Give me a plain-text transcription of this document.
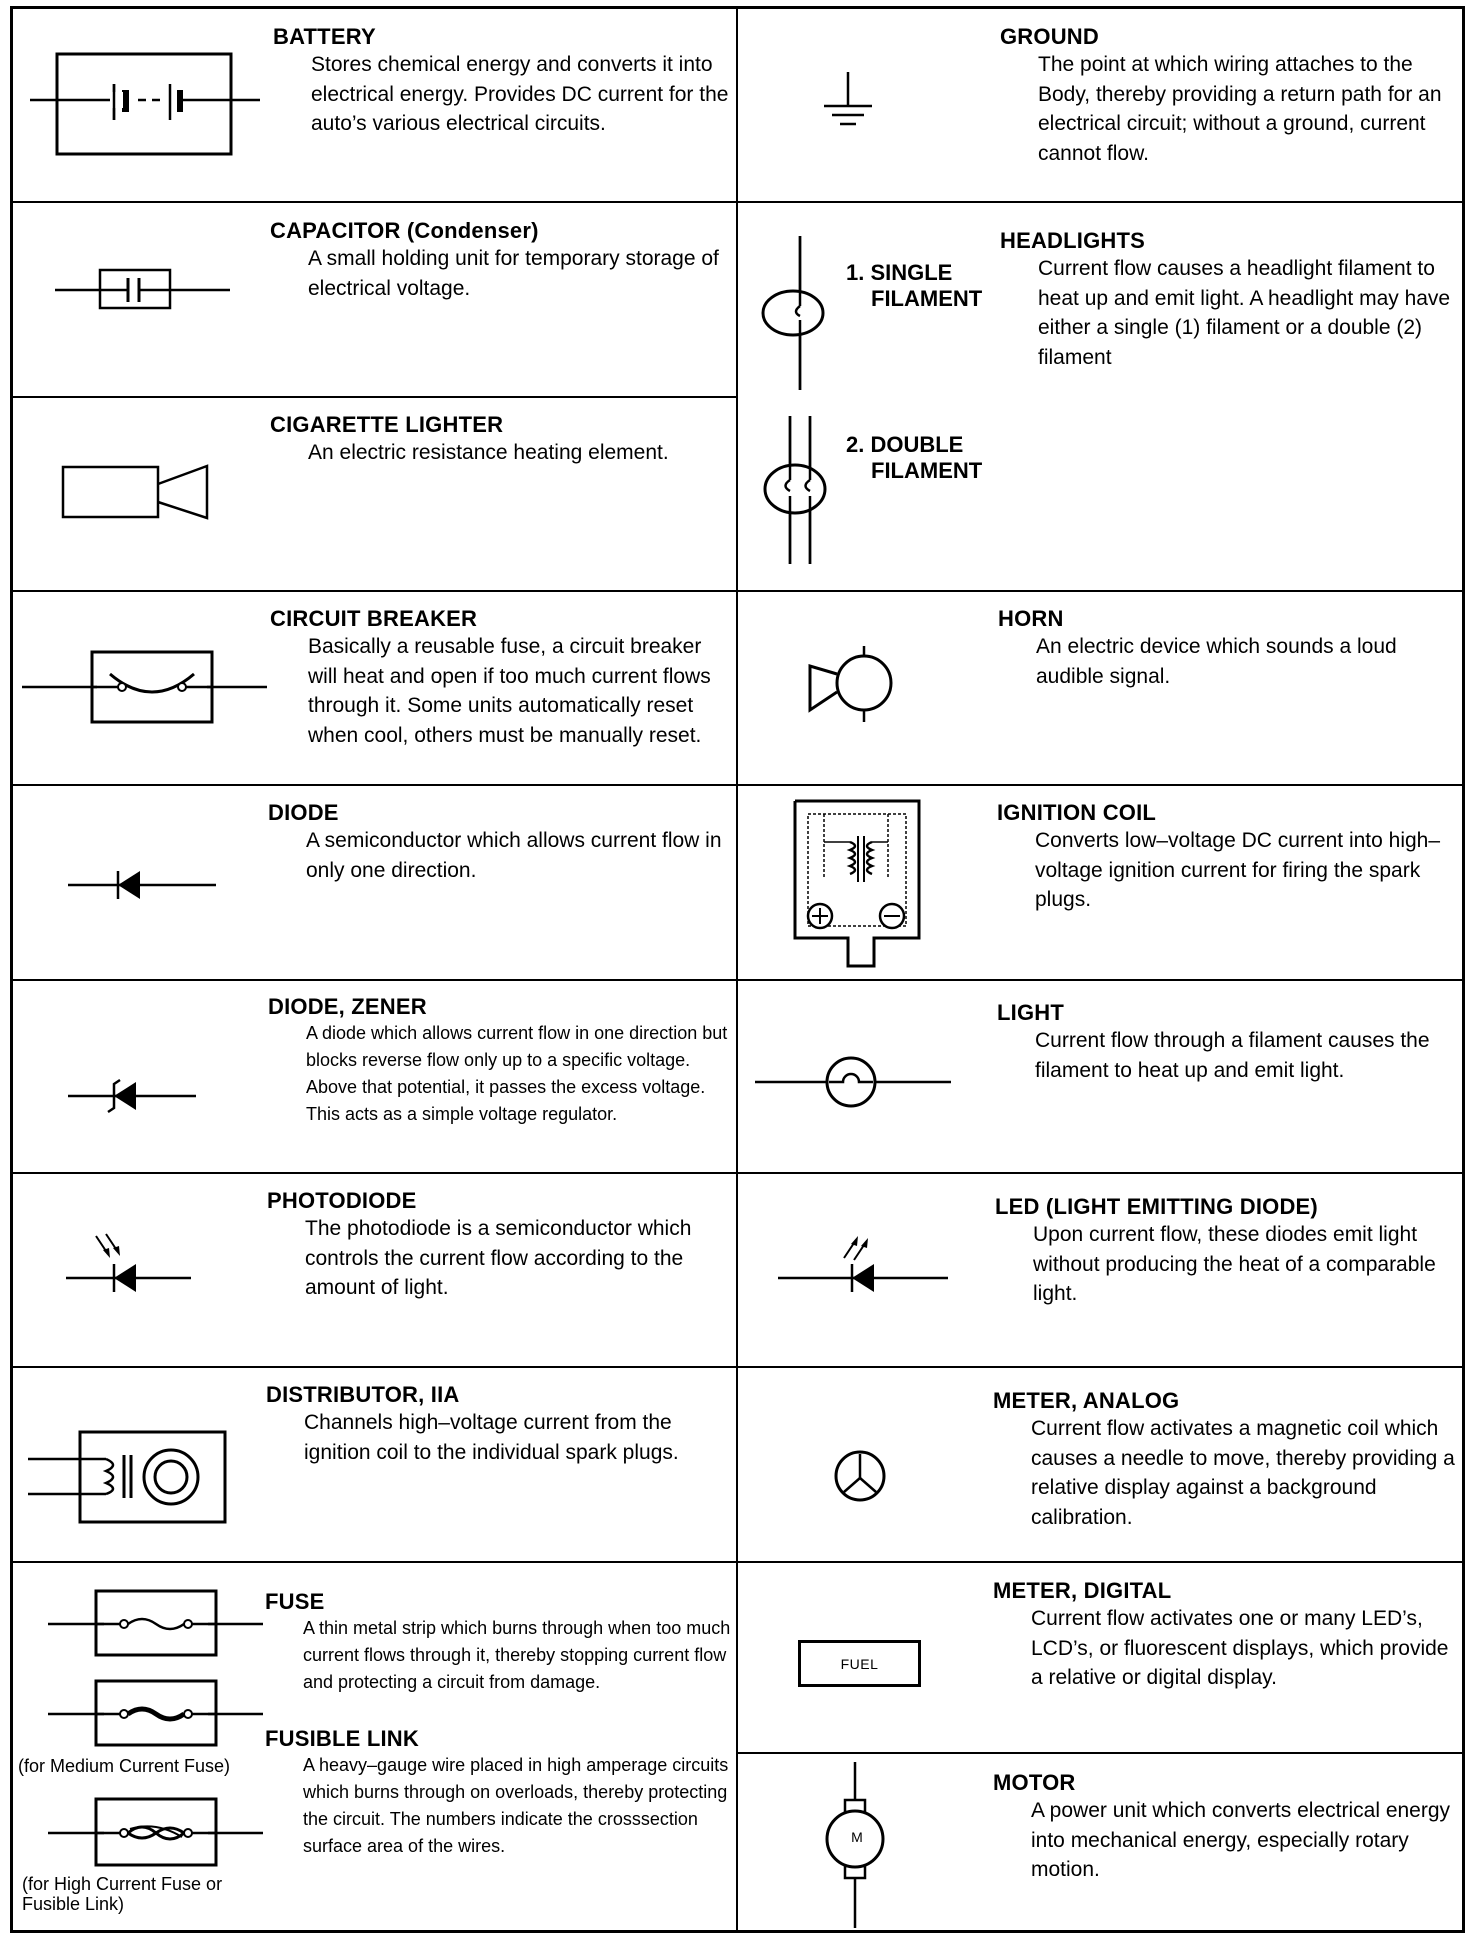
BATTERY
Stores chemical energy and converts it into electrical energy. Provides DC current for the auto’s various electrical circuits.
CAPACITOR (Condenser)
A small holding unit for temporary storage of electrical voltage.
CIGARETTE LIGHTER
An electric resistance heating element.
CIRCUIT BREAKER
Basically a reusable fuse, a circuit breaker will heat and open if too much current flows through it. Some units automatically reset when cool, others must be manually reset.
DIODE
A semiconductor which allows current flow in only one direction.
DIODE, ZENER
A diode which allows current flow in one direction but blocks reverse flow only up to a specific voltage. Above that potential, it passes the excess voltage. This acts as a simple voltage regulator.
PHOTODIODE
The photodiode is a semiconductor which controls the current flow according to the amount of light.
DISTRIBUTOR, IIA
Channels high–voltage current from the ignition coil to the individual spark plugs.
(for Medium Current Fuse)
(for High Current Fuse or Fusible Link)
FUSE
A thin metal strip which burns through when too much current flows through it, thereby stopping current flow and protecting a circuit from damage.
FUSIBLE LINK
A heavy–gauge wire placed in high amperage circuits which burns through on overloads, thereby protecting the circuit. The numbers indicate the crosssection surface area of the wires.
GROUND
The point at which wiring attaches to the Body, thereby providing a return path for an electrical circuit; without a ground, current cannot flow.
1. SINGLE
FILAMENT
2. DOUBLE
FILAMENT
HEADLIGHTS
Current flow causes a headlight filament to heat up and emit light. A headlight may have either a single (1) filament or a double (2) filament
HORN
An electric device which sounds a loud audible signal.
IGNITION COIL
Converts low–voltage DC current into high–voltage ignition current for firing the spark plugs.
LIGHT
Current flow through a filament causes the filament to heat up and emit light.
LED (LIGHT EMITTING DIODE)
Upon current flow, these diodes emit light without producing the heat of a comparable light.
METER, ANALOG
Current flow activates a magnetic coil which causes a needle to move, thereby providing a relative display against a background calibration.
FUEL
METER, DIGITAL
Current flow activates one or many LED’s, LCD’s, or fluorescent displays, which provide a relative or digital display.
M
MOTOR
A power unit which converts electrical energy into mechanical energy, especially rotary motion.
